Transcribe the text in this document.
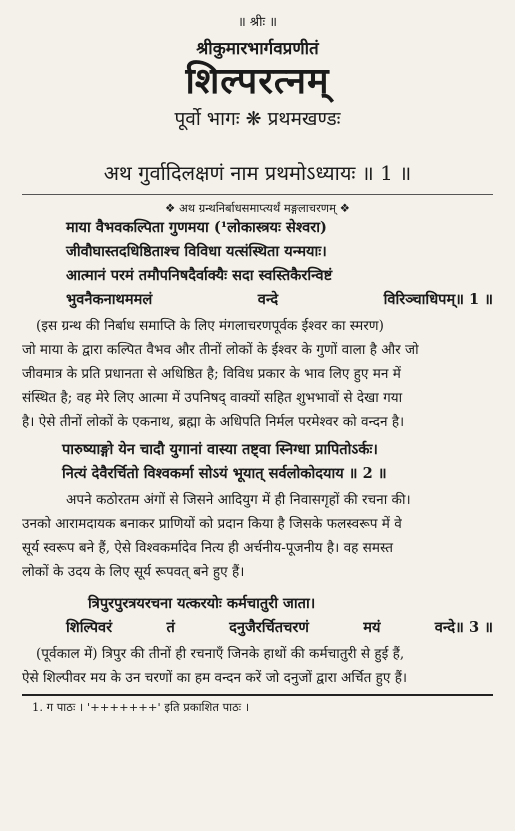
॥ श्रीः ॥
श्रीकुमारभार्गवप्रणीतं
शिल्परत्नम्
पूर्वो भागः ❋ प्रथमखण्डः
अथ गुर्वादिलक्षणं नाम प्रथमोऽध्यायः ॥ 1 ॥
❖ अथ ग्रन्थनिर्बाधसमाप्त्यर्थं मङ्गलाचरणम् ❖

माया वैभवकल्पिता गुणमया (¹लोकास्त्रयः सेश्वरा)

जीवौघास्तदधिष्ठिताश्च विविधा यत्संस्थिता यन्मयाः।

आत्मानं परमं तमौपनिषदैर्वाक्यैः सदा स्वस्तिकैरन्विष्टं

भुवनैकनाथममलं	वन्दे	विरिञ्चाधिपम्॥ 1 ॥

(इस ग्रन्थ की निर्बाध समाप्ति के लिए मंगलाचरणपूर्वक ईश्वर का स्मरण)
जो माया के द्वारा कल्पित वैभव और तीनों लोकों के ईश्वर के गुणों वाला है और जो
जीवमात्र के प्रति प्रधानता से अधिष्ठित है; विविध प्रकार के भाव लिए हुए मन में
संस्थित है; वह मेरे लिए आत्मा में उपनिषद् वाक्यों सहित शुभभावों से देखा गया
है। ऐसे तीनों लोकों के एकनाथ, ब्रह्मा के अधिपति निर्मल परमेश्वर को वन्दन है।

पारुष्याङ्गो येन चादौ युगानां वास्या तष्ट्वा स्निग्धा प्रापितोऽर्कः।

नित्यं देवैरर्चितो विश्वकर्मा सोऽयं भूयात् सर्वलोकोदयाय ॥ 2 ॥

अपने कठोरतम अंगों से जिसने आदियुग में ही निवासगृहों की रचना की।
उनको आरामदायक बनाकर प्राणियों को प्रदान किया है जिसके फलस्वरूप में वे
सूर्य स्वरूप बने हैं, ऐसे विश्वकर्मादेव नित्य ही अर्चनीय-पूजनीय है। वह समस्त
लोकों के उदय के लिए सूर्य रूपवत् बने हुए हैं।

त्रिपुरपुरत्रयरचना यत्करयोः कर्मचातुरी जाता।

शिल्पिवरं	तं	दनुजैरर्चितचरणं	मयं	वन्दे॥ 3 ॥

(पूर्वकाल में) त्रिपुर की तीनों ही रचनाएँ जिनके हाथों की कर्मचातुरी से हुई हैं,
ऐसे शिल्पीवर मय के उन चरणों का हम वन्दन करें जो दनुजों द्वारा अर्चित हुए हैं।
1. ग पाठः । '+++++++' इति प्रकाशित पाठः ।
